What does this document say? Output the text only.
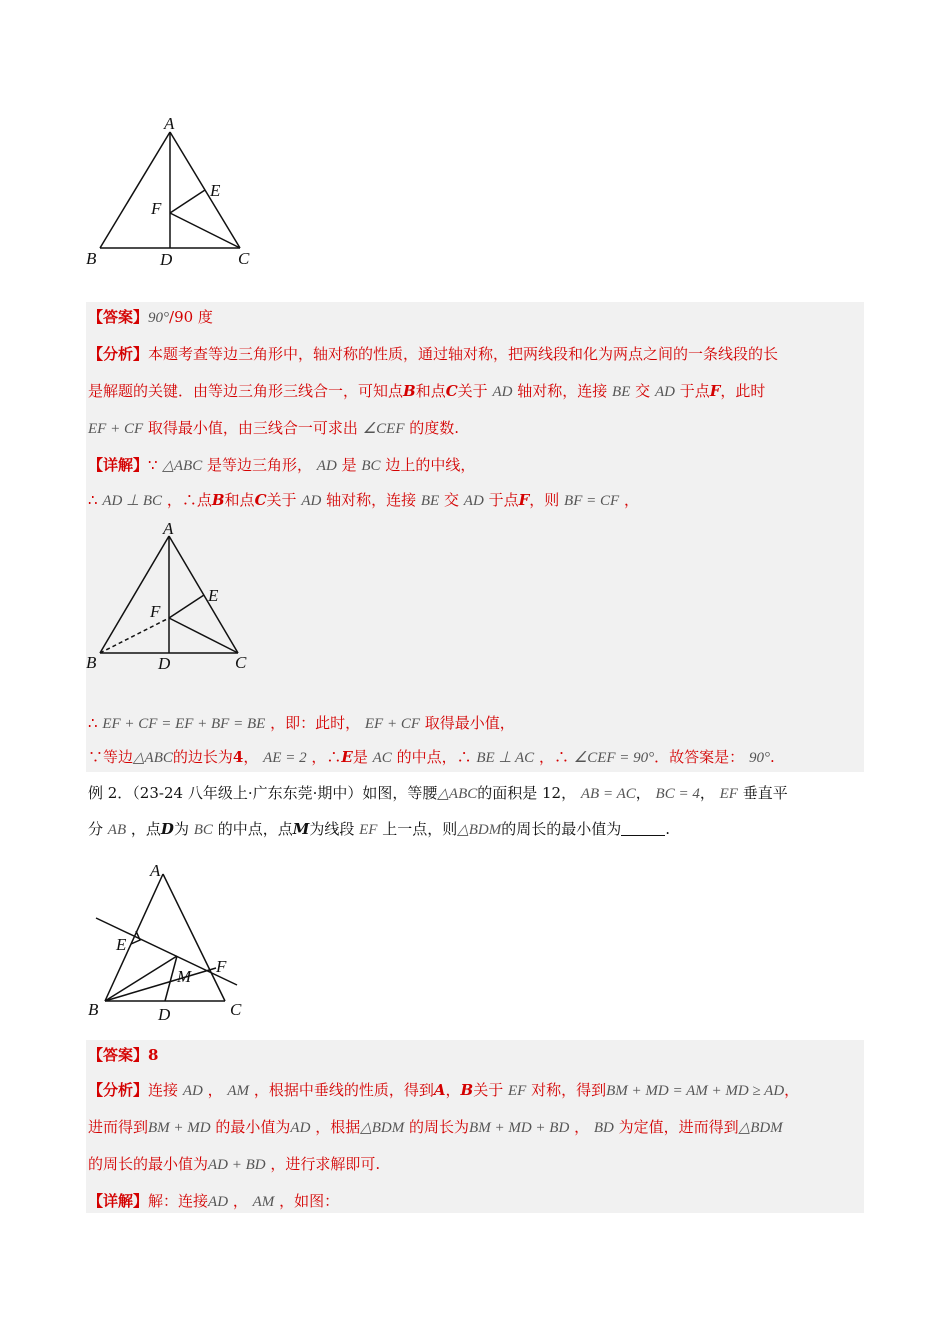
A
B	C
D
E
F
【答案】90°/90 度
【分析】本题考查等边三角形中，轴对称的性质，通过轴对称，把两线段和化为两点之间的一条线段的长
是解题的关键．由等边三角形三线合一，可知点B和点C关于 AD 轴对称，连接 BE 交 AD 于点F，此时
EF + CF 取得最小值，由三线合一可求出 ∠CEF 的度数.
【详解】∵ △ABC 是等边三角形， AD 是 BC 边上的中线，
∴ AD ⊥ BC ，∴点B和点C关于 AD 轴对称，连接 BE 交 AD 于点F，则 BF = CF ，
A
B	C
D
E
F
∴ EF + CF = EF + BF = BE ，即：此时， EF + CF 取得最小值，
∵等边△ABC的边长为4， AE = 2 ，∴E是 AC 的中点，∴ BE ⊥ AC ，∴ ∠CEF = 90°．故答案是： 90°.
例 2．（23-24 八年级上·广东东莞·期中）如图，等腰△ABC的面积是 12， AB = AC， BC = 4， EF 垂直平
分 AB ，点D为 BC 的中点，点M为线段 EF 上一点，则△BDM的周长的最小值为	.
A
B	C
D
E
F
M
【答案】8
【分析】连接 AD ， AM ，根据中垂线的性质，得到A，B关于 EF 对称，得到BM + MD = AM + MD ≥ AD，
进而得到BM + MD 的最小值为AD ，根据△BDM 的周长为BM + MD + BD ， BD 为定值，进而得到△BDM
的周长的最小值为AD + BD ，进行求解即可.
【详解】解：连接AD ， AM ，如图：
